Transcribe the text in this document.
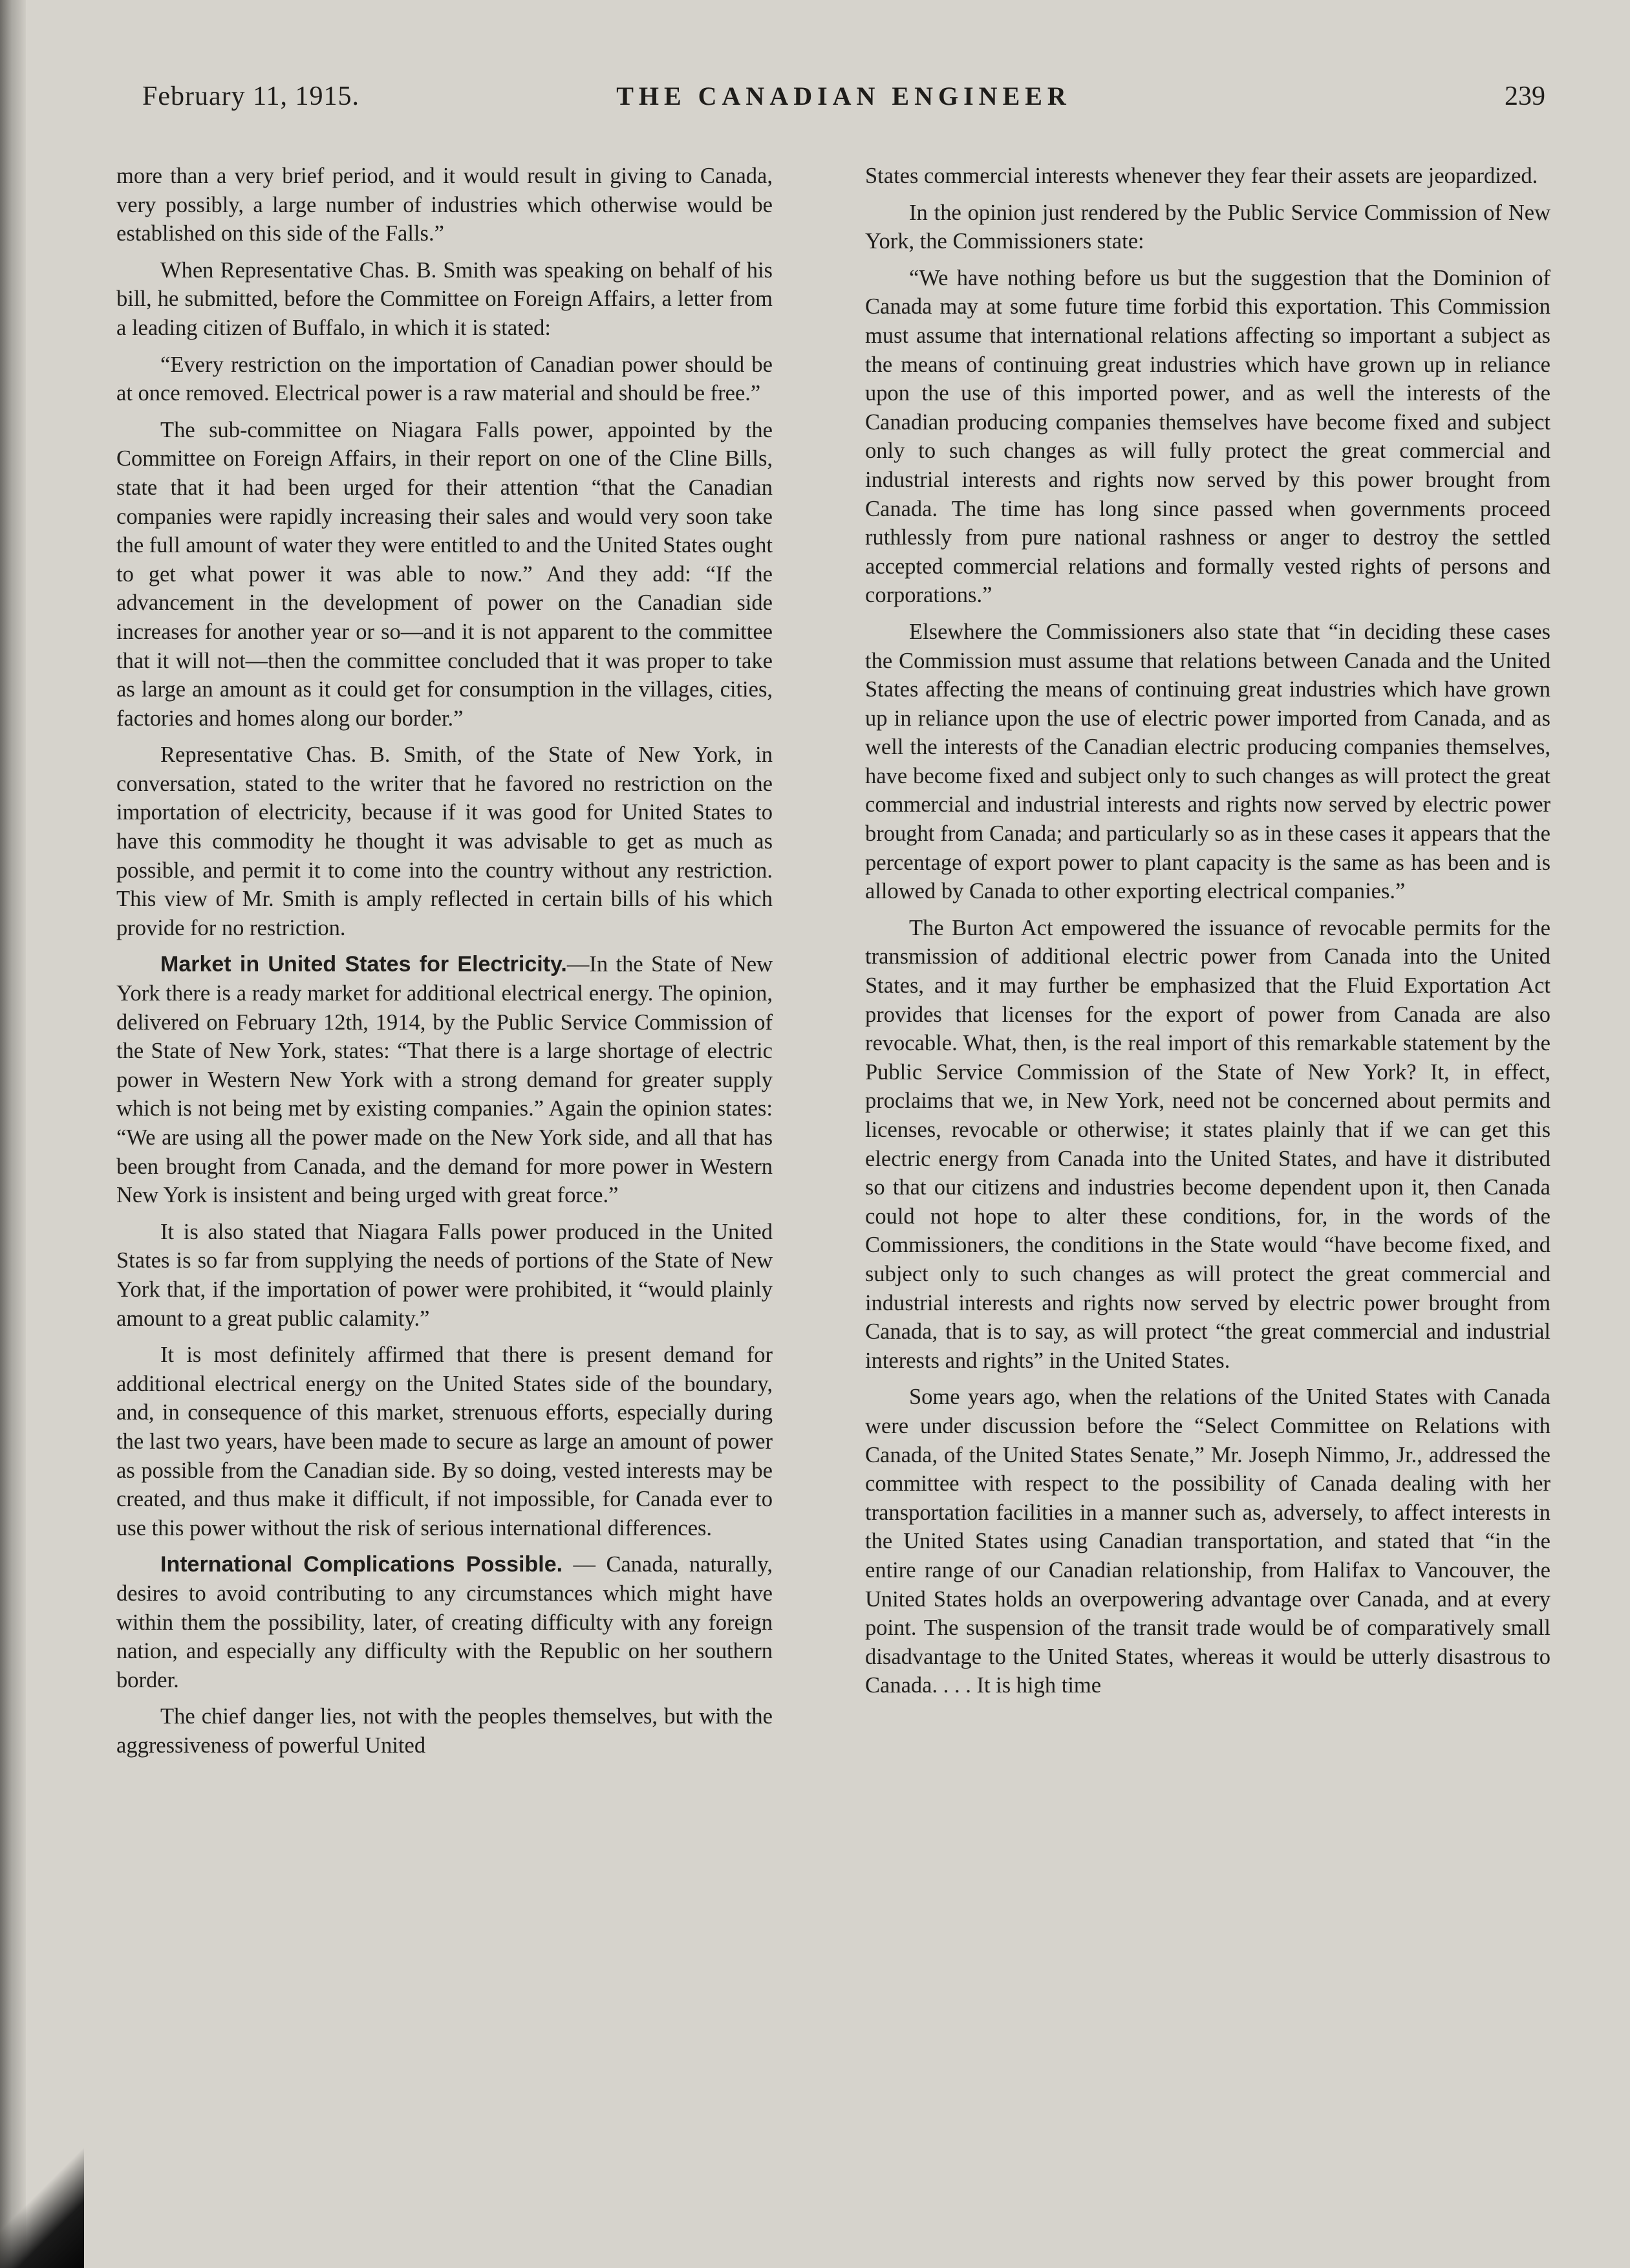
February 11, 1915.	THE CANADIAN ENGINEER	239

more than a very brief period, and it would result in giving to Canada, very possibly, a large number of industries which otherwise would be established on this side of the Falls.”

When Representative Chas. B. Smith was speaking on behalf of his bill, he submitted, before the Committee on Foreign Affairs, a letter from a leading citizen of Buffalo, in which it is stated:

“Every restriction on the importation of Canadian power should be at once removed. Electrical power is a raw material and should be free.”

The sub-committee on Niagara Falls power, appointed by the Committee on Foreign Affairs, in their report on one of the Cline Bills, state that it had been urged for their attention “that the Canadian companies were rapidly increasing their sales and would very soon take the full amount of water they were entitled to and the United States ought to get what power it was able to now.” And they add: “If the advancement in the development of power on the Canadian side increases for another year or so—and it is not apparent to the committee that it will not—then the committee concluded that it was proper to take as large an amount as it could get for consumption in the villages, cities, factories and homes along our border.”

Representative Chas. B. Smith, of the State of New York, in conversation, stated to the writer that he favored no restriction on the importation of electricity, because if it was good for United States to have this commodity he thought it was advisable to get as much as possible, and permit it to come into the country without any restriction. This view of Mr. Smith is amply reflected in certain bills of his which provide for no restriction.

Market in United States for Electricity.—In the State of New York there is a ready market for additional electrical energy. The opinion, delivered on February 12th, 1914, by the Public Service Commission of the State of New York, states: “That there is a large shortage of electric power in Western New York with a strong demand for greater supply which is not being met by existing companies.” Again the opinion states: “We are using all the power made on the New York side, and all that has been brought from Canada, and the demand for more power in Western New York is insistent and being urged with great force.”

It is also stated that Niagara Falls power produced in the United States is so far from supplying the needs of portions of the State of New York that, if the importation of power were prohibited, it “would plainly amount to a great public calamity.”

It is most definitely affirmed that there is present demand for additional electrical energy on the United States side of the boundary, and, in consequence of this market, strenuous efforts, especially during the last two years, have been made to secure as large an amount of power as possible from the Canadian side. By so doing, vested interests may be created, and thus make it difficult, if not impossible, for Canada ever to use this power without the risk of serious international differences.

International Complications Possible. — Canada, naturally, desires to avoid contributing to any circumstances which might have within them the possibility, later, of creating difficulty with any foreign nation, and especially any difficulty with the Republic on her southern border.

The chief danger lies, not with the peoples themselves, but with the aggressiveness of powerful United

States commercial interests whenever they fear their assets are jeopardized.

In the opinion just rendered by the Public Service Commission of New York, the Commissioners state:

“We have nothing before us but the suggestion that the Dominion of Canada may at some future time forbid this exportation. This Commission must assume that international relations affecting so important a subject as the means of continuing great industries which have grown up in reliance upon the use of this imported power, and as well the interests of the Canadian producing companies themselves have become fixed and subject only to such changes as will fully protect the great commercial and industrial interests and rights now served by this power brought from Canada. The time has long since passed when governments proceed ruthlessly from pure national rashness or anger to destroy the settled accepted commercial relations and formally vested rights of persons and corporations.”

Elsewhere the Commissioners also state that “in deciding these cases the Commission must assume that relations between Canada and the United States affecting the means of continuing great industries which have grown up in reliance upon the use of electric power imported from Canada, and as well the interests of the Canadian electric producing companies themselves, have become fixed and subject only to such changes as will protect the great commercial and industrial interests and rights now served by electric power brought from Canada; and particularly so as in these cases it appears that the percentage of export power to plant capacity is the same as has been and is allowed by Canada to other exporting electrical companies.”

The Burton Act empowered the issuance of revocable permits for the transmission of additional electric power from Canada into the United States, and it may further be emphasized that the Fluid Exportation Act provides that licenses for the export of power from Canada are also revocable. What, then, is the real import of this remarkable statement by the Public Service Commission of the State of New York? It, in effect, proclaims that we, in New York, need not be concerned about permits and licenses, revocable or otherwise; it states plainly that if we can get this electric energy from Canada into the United States, and have it distributed so that our citizens and industries become dependent upon it, then Canada could not hope to alter these conditions, for, in the words of the Commissioners, the conditions in the State would “have become fixed, and subject only to such changes as will protect the great commercial and industrial interests and rights now served by electric power brought from Canada, that is to say, as will protect “the great commercial and industrial interests and rights” in the United States.

Some years ago, when the relations of the United States with Canada were under discussion before the “Select Committee on Relations with Canada, of the United States Senate,” Mr. Joseph Nimmo, Jr., addressed the committee with respect to the possibility of Canada dealing with her transportation facilities in a manner such as, adversely, to affect interests in the United States using Canadian transportation, and stated that “in the entire range of our Canadian relationship, from Halifax to Vancouver, the United States holds an overpowering advantage over Canada, and at every point. The suspension of the transit trade would be of comparatively small disadvantage to the United States, whereas it would be utterly disastrous to Canada. . . . It is high time
